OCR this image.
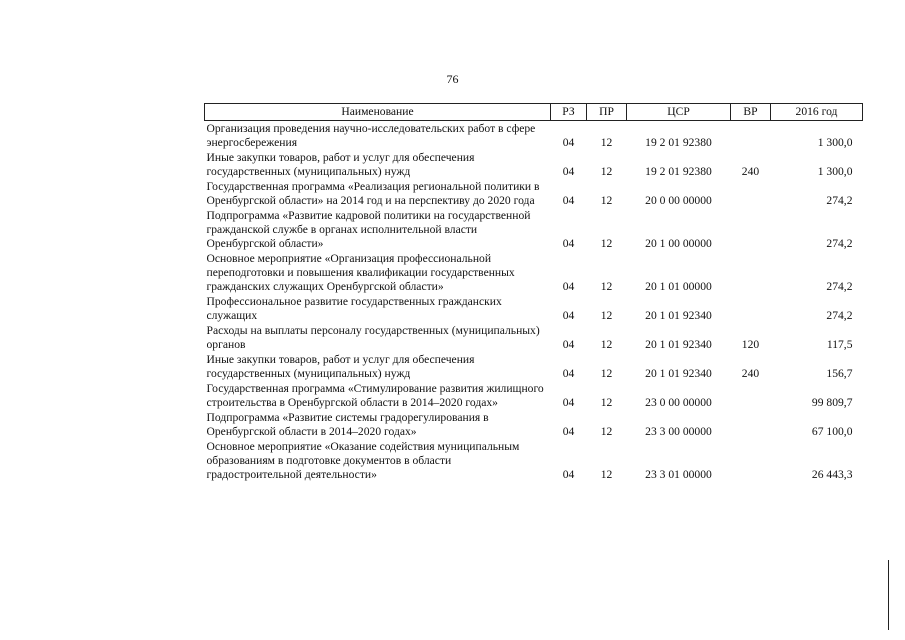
76
Наименование	РЗ	ПР	ЦСР	ВР	2016 год
Организация проведения научно-исследовательских работ в сфере энергосбережения	04	12	19 2 01 92380		1 300,0
Иные закупки товаров, работ и услуг для обеспечения государственных (муниципальных) нужд	04	12	19 2 01 92380	240	1 300,0
Государственная программа «Реализация региональной политики в Оренбургской области» на 2014 год и на перспективу до 2020 года	04	12	20 0 00 00000		274,2
Подпрограмма «Развитие кадровой политики на государственной гражданской службе в органах исполнительной власти Оренбургской области»	04	12	20 1 00 00000		274,2
Основное мероприятие «Организация профессиональной переподготовки и повышения квалификации государственных гражданских служащих Оренбургской области»	04	12	20 1 01 00000		274,2
Профессиональное развитие государственных гражданских служащих	04	12	20 1 01 92340		274,2
Расходы на выплаты персоналу государственных (муниципальных) органов	04	12	20 1 01 92340	120	117,5
Иные закупки товаров, работ и услуг для обеспечения государственных (муниципальных) нужд	04	12	20 1 01 92340	240	156,7
Государственная программа «Стимулирование развития жилищного строительства в Оренбургской области в 2014–2020 годах»	04	12	23 0 00 00000		99 809,7
Подпрограмма «Развитие системы градорегулирования в Оренбургской области в 2014–2020 годах»	04	12	23 3 00 00000		67 100,0
Основное мероприятие «Оказание содействия муниципальным образованиям в подготовке документов в области градостроительной деятельности»	04	12	23 3 01 00000		26 443,3
